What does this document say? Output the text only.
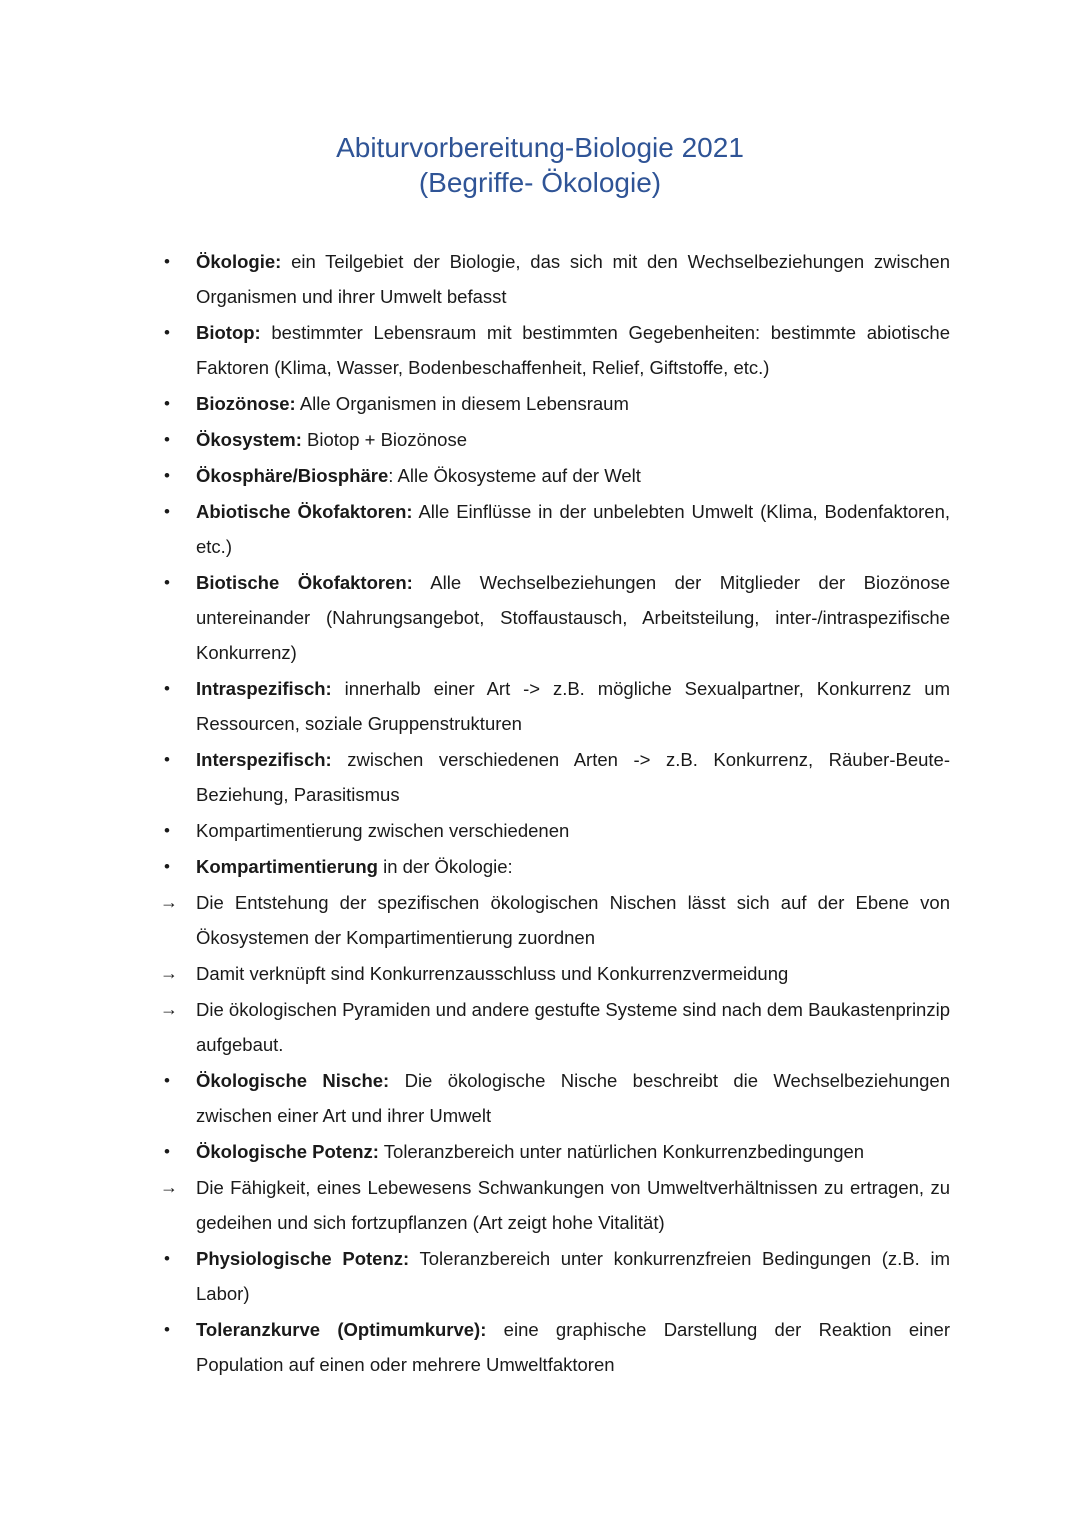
Abiturvorbereitung-Biologie 2021
(Begriffe- Ökologie)
•
Ökologie: ein Teilgebiet der Biologie, das sich mit den Wechselbeziehungen zwischen Organismen und ihrer Umwelt befasst
•
Biotop: bestimmter Lebensraum mit bestimmten Gegebenheiten: bestimmte abiotische Faktoren (Klima, Wasser, Bodenbeschaffenheit, Relief, Giftstoffe, etc.)
•
Biozönose: Alle Organismen in diesem Lebensraum
•
Ökosystem: Biotop + Biozönose
•
Ökosphäre/Biosphäre: Alle Ökosysteme auf der Welt
•
Abiotische Ökofaktoren: Alle Einflüsse in der unbelebten Umwelt (Klima, Bodenfaktoren, etc.)
•
Biotische Ökofaktoren: Alle Wechselbeziehungen der Mitglieder der Biozönose untereinander (Nahrungsangebot, Stoffaustausch, Arbeitsteilung, inter-/intraspezifische Konkurrenz)
•
Intraspezifisch: innerhalb einer Art -> z.B. mögliche Sexualpartner, Konkurrenz um Ressourcen, soziale Gruppenstrukturen
•
Interspezifisch: zwischen verschiedenen Arten -> z.B. Konkurrenz, Räuber-Beute-Beziehung, Parasitismus
•
Kompartimentierung zwischen verschiedenen
•
Kompartimentierung in der Ökologie:
→
Die Entstehung der spezifischen ökologischen Nischen lässt sich auf der Ebene von Ökosystemen der Kompartimentierung zuordnen
→
Damit verknüpft sind Konkurrenzausschluss und Konkurrenzvermeidung
→
Die ökologischen Pyramiden und andere gestufte Systeme sind nach dem Baukastenprinzip aufgebaut.
•
Ökologische Nische: Die ökologische Nische beschreibt die Wechselbeziehungen zwischen einer Art und ihrer Umwelt
•
Ökologische Potenz: Toleranzbereich unter natürlichen Konkurrenzbedingungen
→
Die Fähigkeit, eines Lebewesens Schwankungen von Umweltverhältnissen zu ertragen, zu gedeihen und sich fortzupflanzen (Art zeigt hohe Vitalität)
•
Physiologische Potenz: Toleranzbereich unter konkurrenzfreien Bedingungen (z.B. im Labor)
•
Toleranzkurve (Optimumkurve): eine graphische Darstellung der Reaktion einer Population auf einen oder mehrere Umweltfaktoren
